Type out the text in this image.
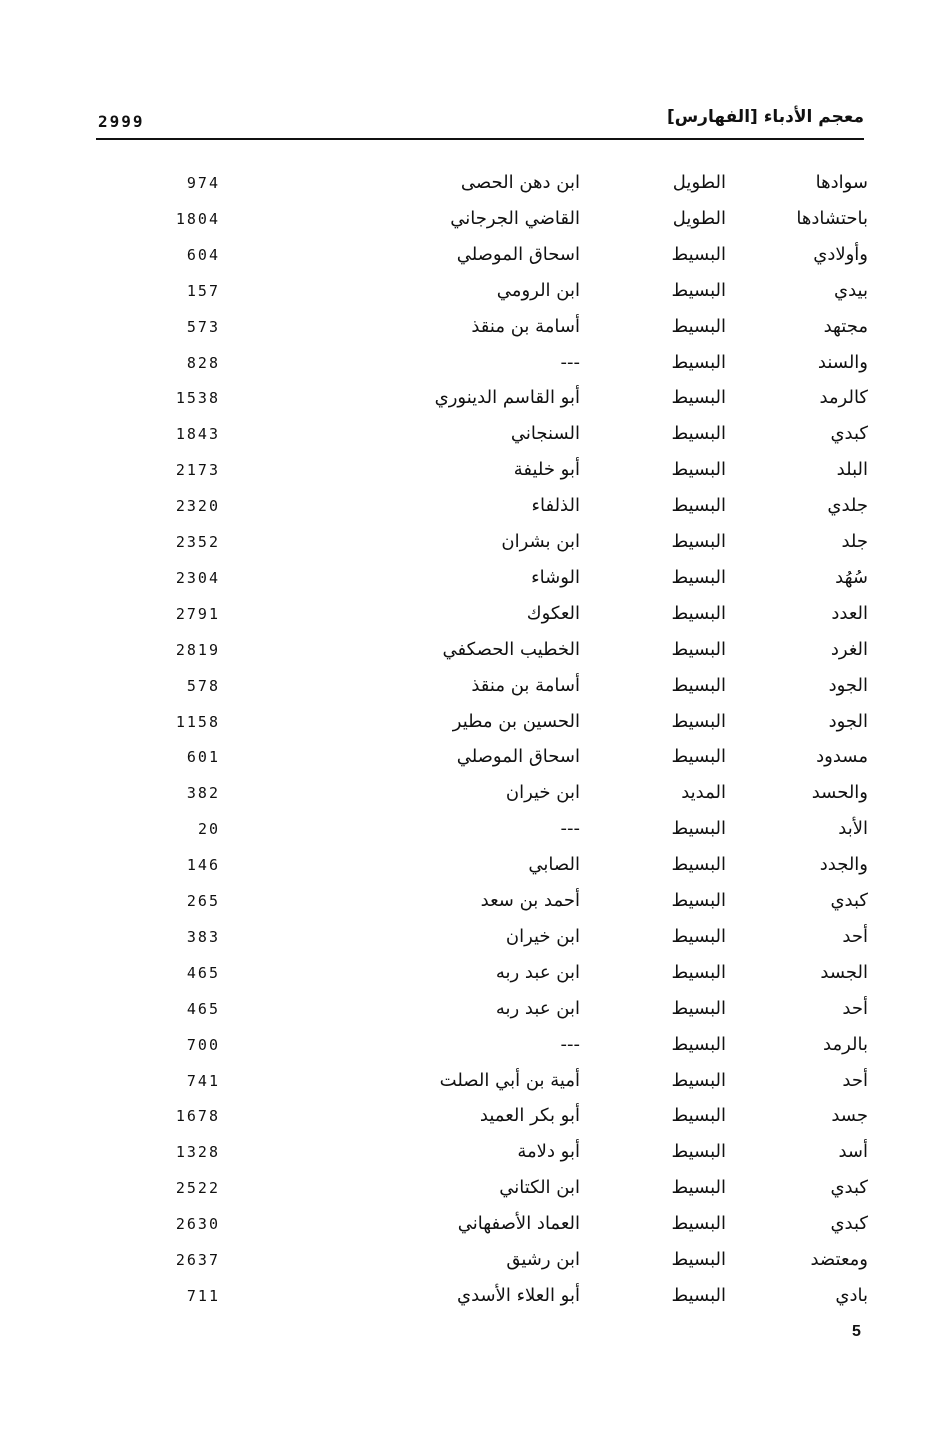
معجم الأدباء [الفهارس]
2999
سوادها
الطويل
ابن دهن الحصى
974
باحتشادها
الطويل
القاضي الجرجاني
1804
وأولادي
البسيط
اسحاق الموصلي
604
بيدي
البسيط
ابن الرومي
157
مجتهد
البسيط
أسامة بن منقذ
573
والسند
البسيط
---
828
كالرمد
البسيط
أبو القاسم الدينوري
1538
كبدي
البسيط
السنجاني
1843
البلد
البسيط
أبو خليفة
2173
جلدي
البسيط
الذلفاء
2320
جلد
البسيط
ابن بشران
2352
سُهُد
البسيط
الوشاء
2304
العدد
البسيط
العكوك
2791
الغرد
البسيط
الخطيب الحصكفي
2819
الجود
البسيط
أسامة بن منقذ
578
الجود
البسيط
الحسين بن مطير
1158
مسدود
البسيط
اسحاق الموصلي
601
والحسد
المديد
ابن خيران
382
الأبد
البسيط
---
20
والجدد
البسيط
الصابي
146
كبدي
البسيط
أحمد بن سعد
265
أحد
البسيط
ابن خيران
383
الجسد
البسيط
ابن عبد ربه
465
أحد
البسيط
ابن عبد ربه
465
بالرمد
البسيط
---
700
أحد
البسيط
أمية بن أبي الصلت
741
جسد
البسيط
أبو بكر العميد
1678
أسد
البسيط
أبو دلامة
1328
كبدي
البسيط
ابن الكتاني
2522
كبدي
البسيط
العماد الأصفهاني
2630
ومعتضد
البسيط
ابن رشيق
2637
بادي
البسيط
أبو العلاء الأسدي
711
5
